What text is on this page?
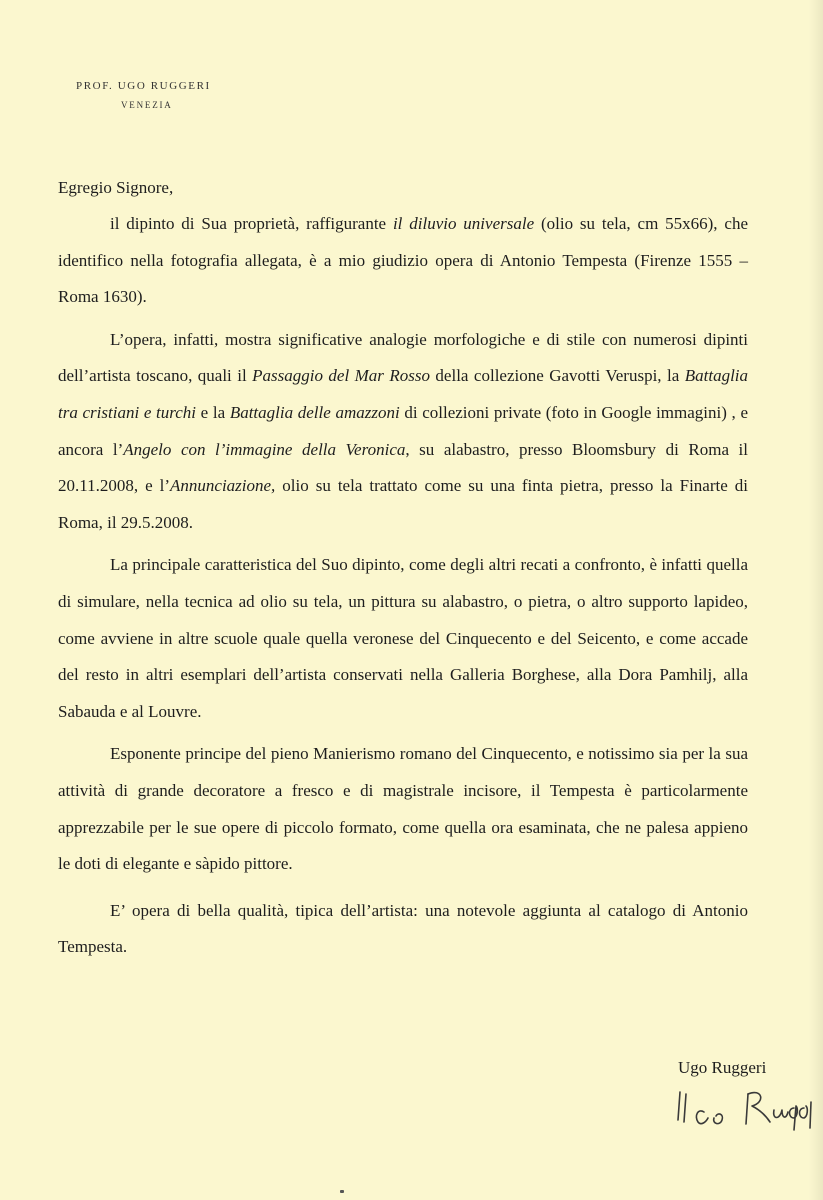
PROF. UGO RUGGERI
VENEZIA
Egregio Signore,

il dipinto di Sua proprietà, raffigurante il diluvio universale (olio su tela, cm 55x66), che identifico nella fotografia allegata, è a mio giudizio opera di Antonio Tempesta (Firenze 1555 – Roma 1630).

L’opera, infatti, mostra significative analogie morfologiche e di stile con numerosi dipinti dell’artista toscano, quali il Passaggio del Mar Rosso della collezione Gavotti Veruspi, la Battaglia tra cristiani e turchi e la Battaglia delle amazzoni di collezioni private (foto in Google immagini) , e ancora l’Angelo con l’immagine della Veronica, su alabastro, presso Bloomsbury di Roma il 20.11.2008, e l’Annunciazione, olio su tela trattato come su una finta pietra, presso la Finarte di Roma, il 29.5.2008.

La principale caratteristica del Suo dipinto, come degli altri recati a confronto, è infatti quella di simulare, nella tecnica ad olio su tela, un pittura su alabastro, o pietra, o altro supporto lapideo, come avviene in altre scuole quale quella veronese del Cinquecento e del Seicento, e come accade del resto in altri esemplari dell’artista conservati nella Galleria Borghese, alla Dora Pamhilj, alla Sabauda e al Louvre.

Esponente principe del pieno Manierismo romano del Cinquecento, e notissimo sia per la sua attività di grande decoratore a fresco e di magistrale incisore, il Tempesta è particolarmente apprezzabile per le sue opere di piccolo formato, come quella ora esaminata, che ne palesa appieno le doti di elegante e sàpido pittore.

E’ opera di bella qualità, tipica dell’artista: una notevole aggiunta al catalogo di Antonio Tempesta.

Ugo Ruggeri
